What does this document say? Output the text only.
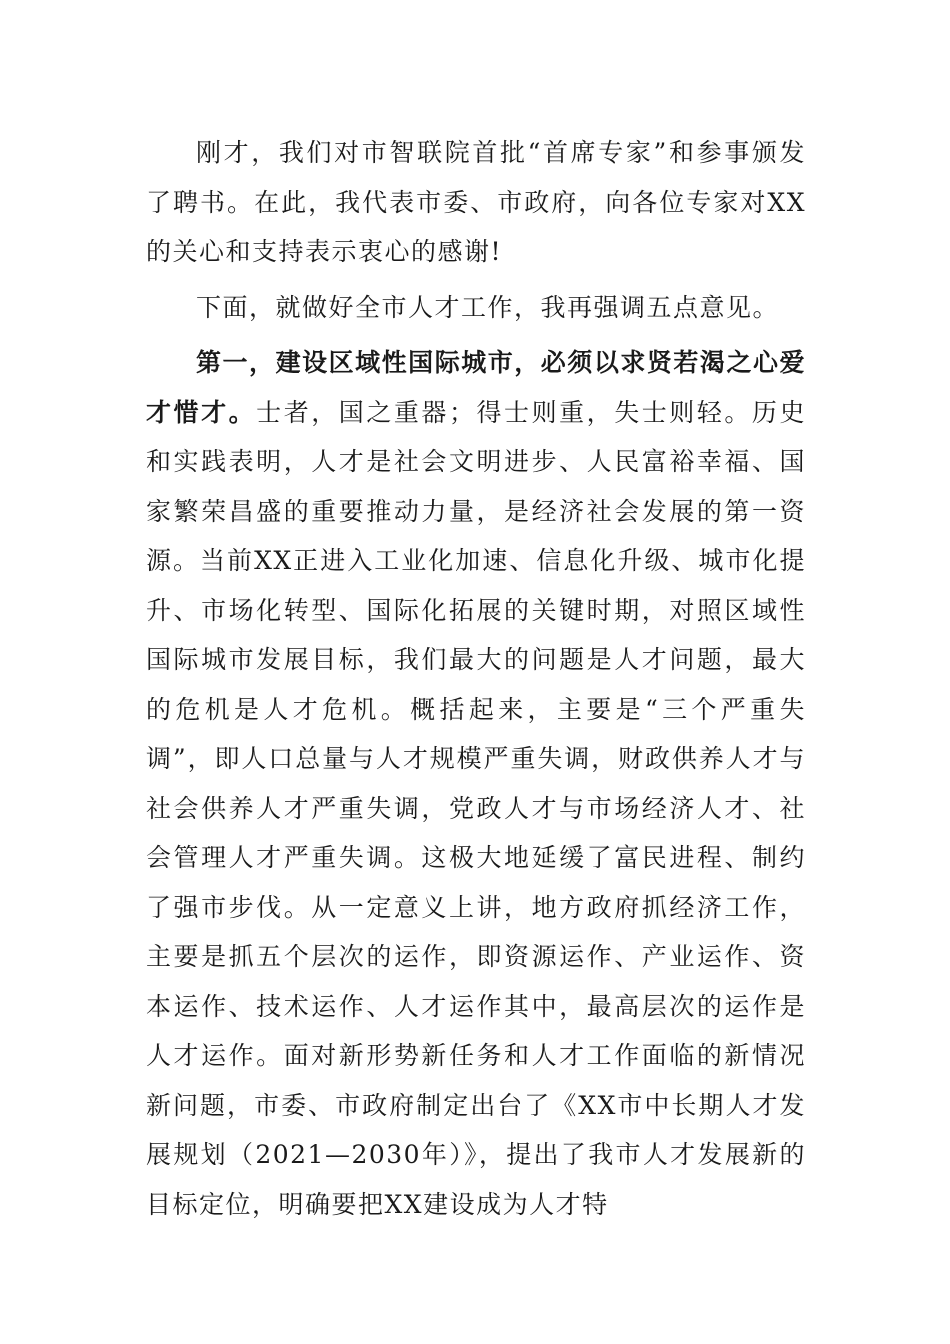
刚才，我们对市智联院首批“首席专家”和参事颁发了聘书。在此，我代表市委、市政府，向各位专家对XX的关心和支持表示衷心的感谢!

下面，就做好全市人才工作，我再强调五点意见。

第一，建设区域性国际城市，必须以求贤若渴之心爱才惜才。士者，国之重器；得士则重，失士则轻。历史和实践表明，人才是社会文明进步、人民富裕幸福、国家繁荣昌盛的重要推动力量，是经济社会发展的第一资源。当前XX正进入工业化加速、信息化升级、城市化提升、市场化转型、国际化拓展的关键时期，对照区域性国际城市发展目标，我们最大的问题是人才问题，最大的危机是人才危机。概括起来，主要是“三个严重失调”，即人口总量与人才规模严重失调，财政供养人才与社会供养人才严重失调，党政人才与市场经济人才、社会管理人才严重失调。这极大地延缓了富民进程、制约了强市步伐。从一定意义上讲，地方政府抓经济工作，主要是抓五个层次的运作，即资源运作、产业运作、资本运作、技术运作、人才运作其中，最高层次的运作是人才运作。面对新形势新任务和人才工作面临的新情况新问题，市委、市政府制定出台了《XX市中长期人才发展规划（2021—2030年）》，提出了我市人才发展新的目标定位，明确要把XX建设成为人才特
